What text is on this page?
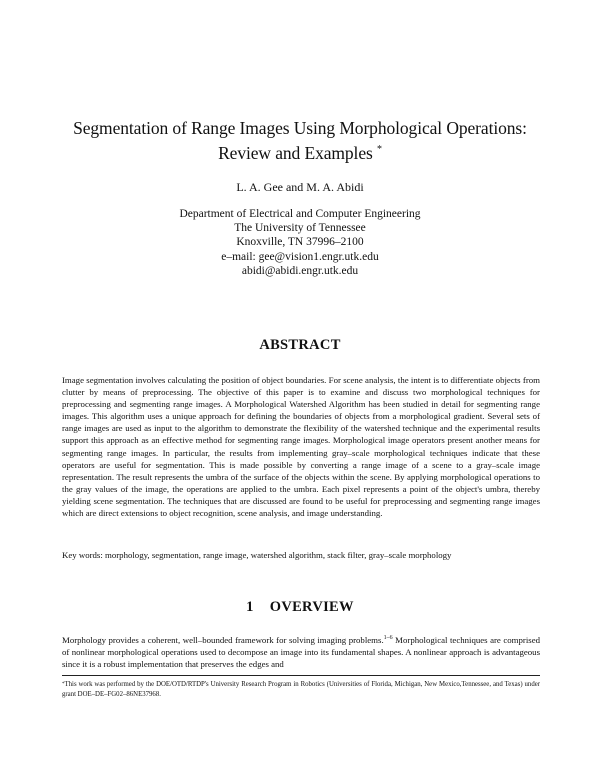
Segmentation of Range Images Using Morphological Operations:
Review and Examples *
L. A. Gee and M. A. Abidi
Department of Electrical and Computer Engineering
The University of Tennessee
Knoxville, TN 37996–2100
e–mail: gee@vision1.engr.utk.edu
abidi@abidi.engr.utk.edu
ABSTRACT

Image segmentation involves calculating the position of object boundaries. For scene analysis, the intent is to differentiate objects from clutter by means of preprocessing. The objective of this paper is to examine and discuss two morphological techniques for preprocessing and segmenting range images. A Morphological Watershed Algorithm has been studied in detail for segmenting range images. This algorithm uses a unique approach for defining the boundaries of objects from a morphological gradient. Several sets of range images are used as input to the algorithm to demonstrate the flexibility of the watershed technique and the experimental results support this approach as an effective method for segmenting range images. Morphological image operators present another means for segmenting range images. In particular, the results from implementing gray–scale morphological techniques indicate that these operators are useful for segmentation. This is made possible by converting a range image of a scene to a gray–scale image representation. The result represents the umbra of the surface of the objects within the scene. By applying morphological operations to the gray values of the image, the operations are applied to the umbra. Each pixel represents a point of the object's umbra, thereby yielding scene segmentation. The techniques that are discussed are found to be useful for preprocessing and segmenting range images which are direct extensions to object recognition, scene analysis, and image understanding.

Key words: morphology, segmentation, range image, watershed algorithm, stack filter, gray–scale morphology
1 OVERVIEW

Morphology provides a coherent, well–bounded framework for solving imaging problems.$^{1-6}$ Morphological techniques are comprised of nonlinear morphological operations used to decompose an image into its fundamental shapes. A nonlinear approach is advantageous since it is a robust implementation that preserves the edges and

*This work was performed by the DOE/OTD/RTDP's University Research Program in Robotics (Universities of Florida, Michigan, New Mexico,Tennessee, and Texas) under grant DOE–DE–FG02–86NE37968.
